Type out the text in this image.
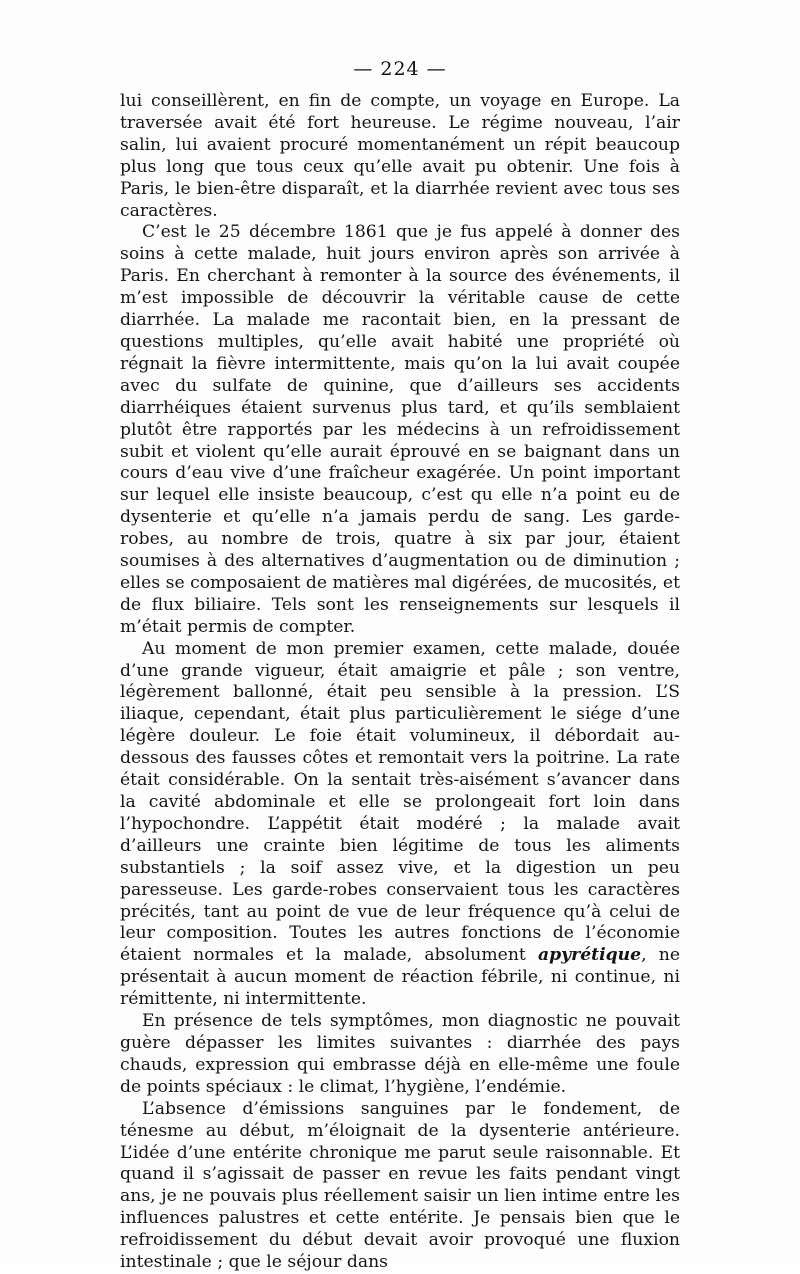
— 224 —

lui conseillèrent, en fin de compte, un voyage en Europe. La traversée avait été fort heureuse. Le régime nouveau, l’air salin, lui avaient procuré momentanément un répit beaucoup plus long que tous ceux qu’elle avait pu obtenir. Une fois à Paris, le bien-être disparaît, et la diarrhée revient avec tous ses caractères.

C’est le 25 décembre 1861 que je fus appelé à donner des soins à cette malade, huit jours environ après son arrivée à Paris. En cherchant à remonter à la source des événements, il m’est impossible de découvrir la véritable cause de cette diarrhée. La malade me racontait bien, en la pressant de questions multiples, qu’elle avait habité une propriété où régnait la fièvre intermittente, mais qu’on la lui avait coupée avec du sulfate de quinine, que d’ailleurs ses accidents diarrhéiques étaient survenus plus tard, et qu’ils semblaient plutôt être rapportés par les médecins à un refroidissement subit et violent qu’elle aurait éprouvé en se baignant dans un cours d’eau vive d’une fraîcheur exagérée. Un point important sur lequel elle insiste beaucoup, c’est qu elle n’a point eu de dysenterie et qu’elle n’a jamais perdu de sang. Les garde-robes, au nombre de trois, quatre à six par jour, étaient soumises à des alternatives d’augmentation ou de diminution ; elles se composaient de matières mal digérées, de mucosités, et de flux biliaire. Tels sont les renseignements sur lesquels il m’était permis de compter.

Au moment de mon premier examen, cette malade, douée d’une grande vigueur, était amaigrie et pâle ; son ventre, légèrement ballonné, était peu sensible à la pression. L’S iliaque, cependant, était plus particulièrement le siége d’une légère douleur. Le foie était volumineux, il débordait au-dessous des fausses côtes et remontait vers la poitrine. La rate était considérable. On la sentait très-aisément s’avancer dans la cavité abdominale et elle se prolongeait fort loin dans l’hypochondre. L’appétit était modéré ; la malade avait d’ailleurs une crainte bien légitime de tous les aliments substantiels ; la soif assez vive, et la digestion un peu paresseuse. Les garde-robes conservaient tous les caractères précités, tant au point de vue de leur fréquence qu’à celui de leur composition. Toutes les autres fonctions de l’économie étaient normales et la malade, absolument apyrétique, ne présentait à aucun moment de réaction fébrile, ni continue, ni rémittente, ni intermittente.

En présence de tels symptômes, mon diagnostic ne pouvait guère dépasser les limites suivantes : diarrhée des pays chauds, expression qui embrasse déjà en elle-même une foule de points spéciaux : le climat, l’hygiène, l’endémie.

L’absence d’émissions sanguines par le fondement, de ténesme au début, m’éloignait de la dysenterie antérieure. L’idée d’une entérite chronique me parut seule raisonnable. Et quand il s’agissait de passer en revue les faits pendant vingt ans, je ne pouvais plus réellement saisir un lien intime entre les influences palustres et cette entérite. Je pensais bien que le refroidissement du début devait avoir provoqué une fluxion intestinale ; que le séjour dans
